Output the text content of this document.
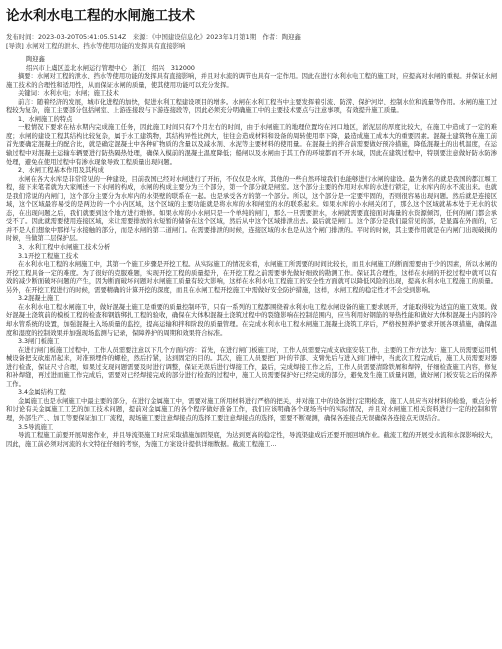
论水利水电工程的水闸施工技术
发布时间：2023-03-20T05:41:05.514Z　来源：《中国建设信息化》2023年1月第1期　作者：陶迎鑫
[导读] 水闸对工程的泄水、挡水等使用功能的发挥具有直接影响

陶迎鑫

绍兴市上虞区盖北水闸运行管理中心　浙江　绍兴　312000

摘要：水闸对工程的泄水、挡水等使用功能的发挥具有直接影响，并且对水流的调节也具有一定作用。因此在进行水利水电工程的施工时，应提高对水闸的重视。并保证水闸施工技术的合理性和适用性，从而保证水闸的质量，使其使用功能可以充分发挥。

关键词：水利水电；水闸；施工技术

前言：随着经济的发展，城市化进程的加快，促进水利工程建设项目的增多。水闸在水利工程当中主要发挥着引流、防涝、保护河岸、控制水位和流量等作用。水闸的施工过程较为复杂，施工主要部分包括闸室、上游连接段与下游连接段等，因此必须充分明确施工中的主要技术要点与注意事项，有效提升施工质量。

1、水闸施工的特点

一般情况下要求在枯水期内完成施工任务，因此施工时间只有7个月左右的时间，由于水闸施工的地理位置均在河口地区，淤泥层的厚度比较大，在施工中造成了一定的难度；水闸的建设工程其结构比较复杂，属于水工建筑物，其结构异性比例大，往往会造成材料和设备的周转使用率下降，最造成施工成本大的重要因素。混凝土建筑物在施工前首先要确定混凝土的配合比，就是确定混凝土中各种矿物质的含量以及减水剂、水泥等主要材料的使用量。在混凝土的拌合前需要做好预冷措施，降低混凝土的出机温度，在运输过程中对混凝土运输车辆要进行防热隔热处理，确保入模前的混凝土温度降低；船闸以及水闸由于其工作的环境都而不开水域，因此在建筑过程中，特别要注意做好防水防渗处理，避免在使用过程中有渗水现象导致工程质量出现问题。

2、水闸工程基本作用及其构成

水闸在各大水库是非常常见的一种建设，目前我国已经对水闸进行了开拓，不仅仅是水库，其他的一些自然环境我们也能够进行水闸的建设。最为著名的就是我国的都江堰工程，接下来笔者就为大家阐述一下水闸的构成，水闸的构成主要分为三个部分，第一个部分就是闸室。这个部分主要的作用对水库的水进行锁定，让水库内的水不流出来。也就是我们常说的内闸门，这个部分主要分为水库内的水渠壁的联系在一起。也是承受各方的第一个部分。所以，这个部分是一定要牢固的，否则很容易出现问题。然后就是连接区域，这个区域最容易受的是两边的一个小内区域，这个区域的主要功能就是将水库的水和闸室的水的联系起来。如果水库的小水闸关闭了，那么这个区域就基本处于无水的状态，在出现问题之后，我们就要到这个地方进行维修。如果水库的小水闸只是一个单纯的闸门，那么一旦需要泄水，水闸就需要直接面对海量的水资源倾泻，任何的闸门都会承受不了。因此就需要使用连接区域，来让需要排放的水短暂的储备在这个区域，然后从中这个区域排泄出去。最后就是闸门。这个部分是我们最常见的部，是显露在外面的，它并不是人们想象中那样与水接触的部分，而是水闸的第二道闸门。在需要排泄的时候，连接区域的水也是从这个闸门排泄的。平时的时候，其主要作用就是在内闸门出现破损的时候，当做第二层保护层。

3、水利工程中水闸施工技术分析

3.1开挖工程施工技术

在水利水电工程的水闸施工中，其第一个施工步骤是开挖工程。从实际施工的情况来看，水闸施工所需要的时间比较长，而且水闸施工的断面需要由于少的因素，所以水闸的开挖工程具备一定的难度。为了很好的克服难题，实现开挖工程的质量提升，在开挖工程之前需要事先做好细致的勘测工作。保证其合理性，这样在水闸的开挖过程中就可以有效的减少断面破坏问题的产生，因为断面破坏问题对水闸施工质量有较大影响，这样在水利水电工程施工的安全性方面就可以降低风险的出现，提高水利水电工程施工的质量。另外，在开挖工程进行的时候，需要精确的计算开挖的深度，而且在水闸工程开挖施工中需做好安全防护措施，这样，水闸工程的稳定性才不会受到影响。

3.2混凝土施工

在水利水电工程水闸施工中，做好混凝土施工是重要的质量控制环节，只有一系列的工程都围绕着水利水电工程水闸设备的施工要求展开，才能取得较为适宜的施工效果。做好混凝土浇筑前的模板工程的检查和钢筋绑扎工程的验收，确保在大体积混凝土浇筑过程中的裂缝影响在控制范围内，应当利用好钢筋的导热性能和做好大体积混凝土内部的冷却水管系统的设置，加强混凝土入场质量的监控，提高运输和拌和阶段的质量管理。在完成水利水电工程水闸施工混凝土浇筑工序后，严格按照养护要求开展各项措施，确保温度和湿度的控制效果并加强现场监测与记录，保障养护的周期和效果符合标准。

3.3闸门板施工

在进行闸门板施工过程中，工作人员需要注意以下几个方面内容：首先，在进行闸门板施工时，工作人员需要完成支砍座安装工作，主要的工作方法为：施工人员需要运用机械设备把支砍座吊起来，对准预埋件的螺栓，然后拧紧，达到固定的目的。其次，施工人员要把门叶的节部、支臂先后与进入到门槽中，当此次工程完成后，施工人员需要对器进行检查，保证尺寸合理，如果过支现问题需要及时进行调整，保证无误后进行焊接工作，最后，完成焊接工作之后，工作人员需要清除铁屑和焊锌，仔细检查施工内容，修复和补焊缝，再过进而施工作完成后，需要对已经焊接完成的部分进行检查的过程中，施工人员需要保护好已经完成的部分，避免发生施工质量问题，做好闸门板安装之后的保养工作。

3.4金属结构工程

金属施工也是水闸施工中最主要的部分，在进行金属施工中，需要对施工所用材料进行严格的把关，并对施工中的设备进行定期检查，施工人员应当对材料的检验，重点分析和讨论有关金属施工工艺的加工技术问题，提前对金属施工的各个程序做好准备工作，我们应该明确各个现场当中的实际情况，并且对水闸施工相关资料进行一定的控制和管理，外部生产、、加工等要保证加工厂流程，现场施工要注意焊接点的选择工要注意焊接点的选择，需要不断观测，确保各连接点无误确保各连接点无误结合。

3.5导流施工

导流工程施工前要开展周密作业，并且导流渠施工时应采取措施加固渠底，为达到更高的稳定性，导流渠建成后还要开展回填作业。截流工程的开展受水流和水深影响较大，因此，施工前必须对河流的水文特征仔细的考察，为施工方案设计提供详细数据。截流工程施工...
